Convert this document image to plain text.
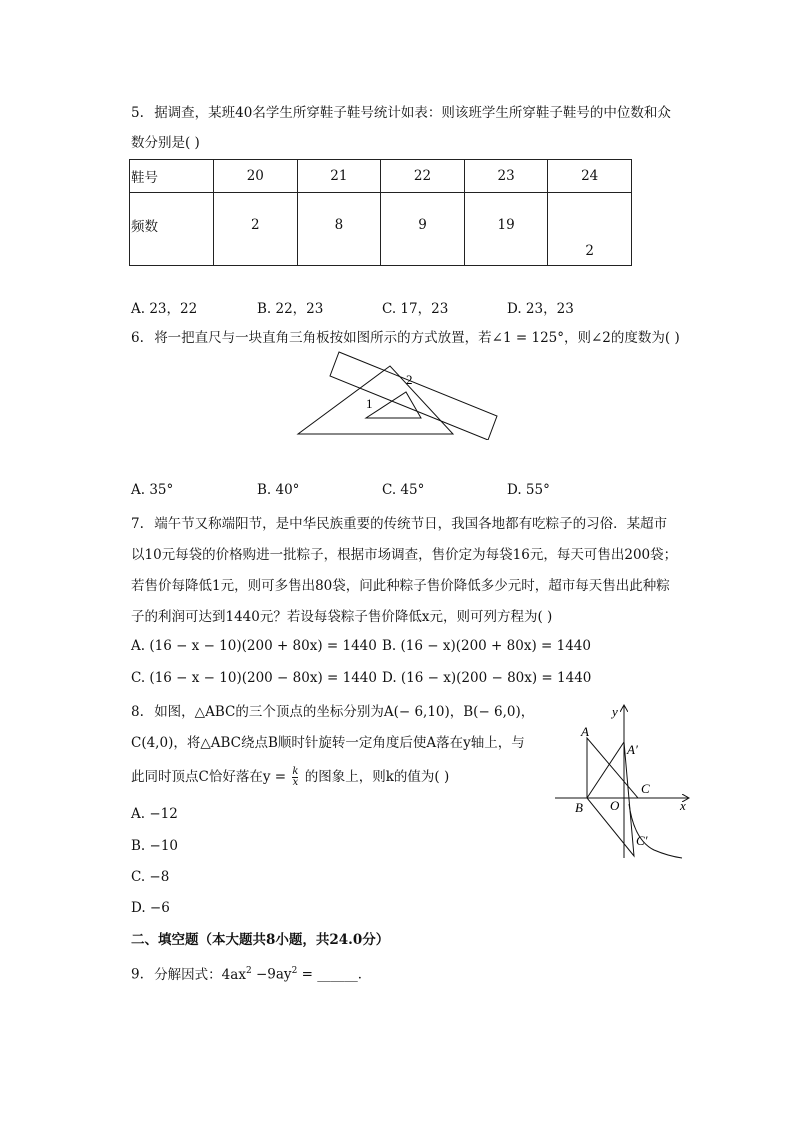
5. 据调查，某班40名学生所穿鞋子鞋号统计如表：则该班学生所穿鞋子鞋号的中位数和众
数分别是( )
鞋号	20	21	22	23	24
频数	2	8	9	19	2
A. 23，22	B. 22，23	C. 17，23	D. 23，23
6. 将一把直尺与一块直角三角板按如图所示的方式放置，若∠1 = 125°，则∠2的度数为( )
1
2
A. 35°	B. 40°	C. 45°	D. 55°
7. 端午节又称端阳节，是中华民族重要的传统节日，我国各地都有吃粽子的习俗．某超市
以10元每袋的价格购进一批粽子，根据市场调查，售价定为每袋16元，每天可售出200袋；
若售价每降低1元，则可多售出80袋，问此种粽子售价降低多少元时，超市每天售出此种粽
子的利润可达到1440元？若设每袋粽子售价降低x元，则可列方程为( )
A. (16 − x − 10)(200 + 80x) = 1440 B. (16 − x)(200 + 80x) = 1440
C. (16 − x − 10)(200 − 80x) = 1440 D. (16 − x)(200 − 80x) = 1440
8. 如图，△ABC的三个顶点的坐标分别为A(− 6,10)，B(− 6,0)，
C(4,0)，将△ABC绕点B顺时针旋转一定角度后使A落在y轴上，与
此同时顶点C恰好落在$y = \frac{k}{x}$ 的图象上，则k的值为( )
y
A
A′
C
B O	x
C′
A. −12
B. −10
C. −8
D. −6
二、填空题（本大题共8小题，共24.0分）
9. 分解因式：$4ax^2 -9ay^2$ = ______．
